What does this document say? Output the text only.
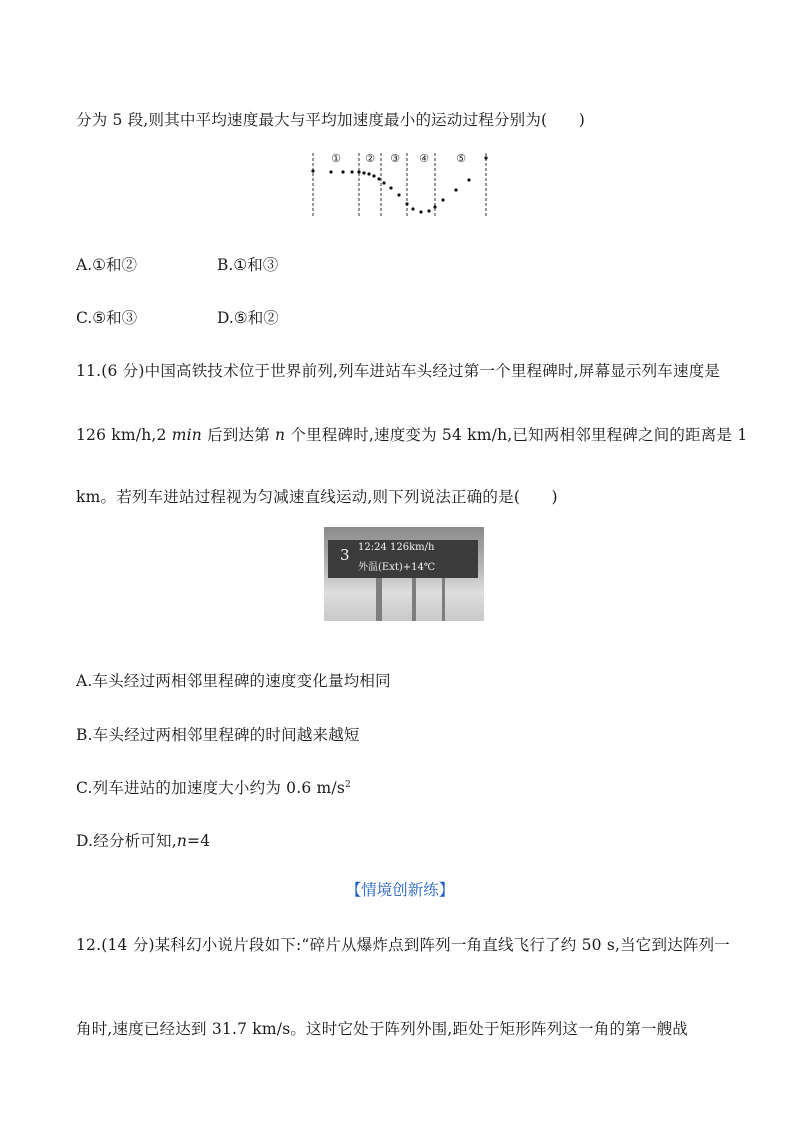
分为 5 段,则其中平均速度最大与平均加速度最小的运动过程分别为(　　)
① ② ③ ④ ⑤
A.①和②	B.①和③
C.⑤和③	D.⑤和②
11.(6 分)中国高铁技术位于世界前列,列车进站车头经过第一个里程碑时,屏幕显示列车速度是
126 km/h,2 min 后到达第 n 个里程碑时,速度变为 54 km/h,已知两相邻里程碑之间的距离是 1
km。若列车进站过程视为匀减速直线运动,则下列说法正确的是(　　)
3 12:24 126km/h
外温(Ext)+14℃
A.车头经过两相邻里程碑的速度变化量均相同
B.车头经过两相邻里程碑的时间越来越短
C.列车进站的加速度大小约为 0.6 $m/s^2$
D.经分析可知,n=4
【情境创新练】
12.(14 分)某科幻小说片段如下:“碎片从爆炸点到阵列一角直线飞行了约 50 s,当它到达阵列一
角时,速度已经达到 31.7 km/s。这时它处于阵列外围,距处于矩形阵列这一角的第一艘战
